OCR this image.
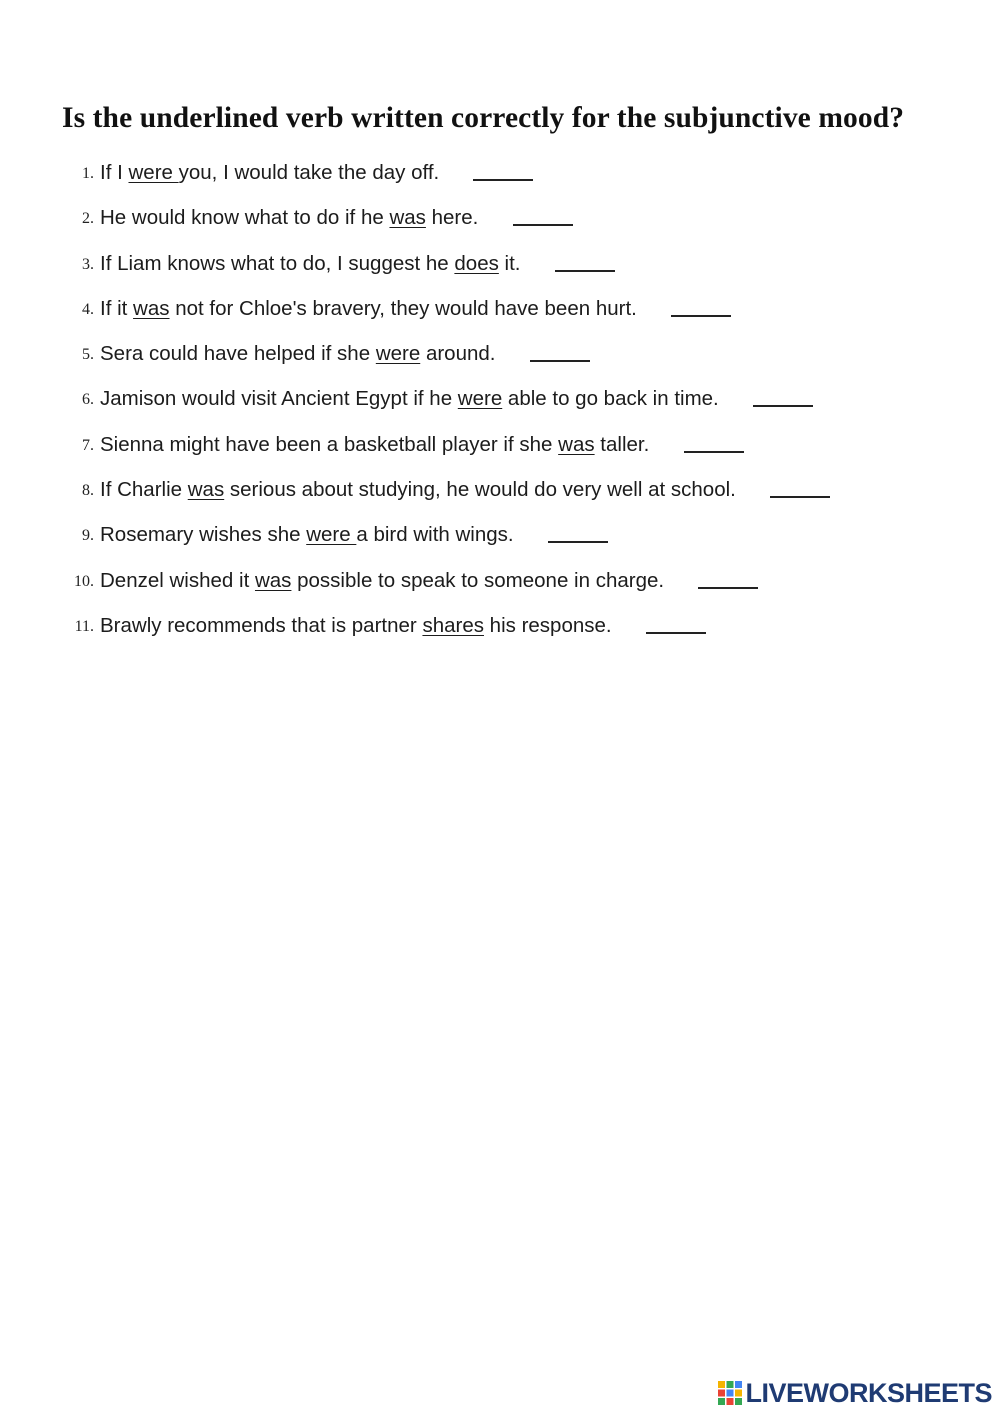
Is the underlined verb written correctly for the subjunctive mood?
1. If I were you, I would take the day off.
2. He would know what to do if he was here.
3. If Liam knows what to do, I suggest he does it.
4. If it was not for Chloe's bravery, they would have been hurt.
5. Sera could have helped if she were around.
6. Jamison would visit Ancient Egypt if he were able to go back in time.
7. Sienna might have been a basketball player if she was taller.
8. If Charlie was serious about studying, he would do very well at school.
9. Rosemary wishes she were a bird with wings.
10. Denzel wished it was possible to speak to someone in charge.
11. Brawly recommends that is partner shares his response.
LIVEWORKSHEETS
